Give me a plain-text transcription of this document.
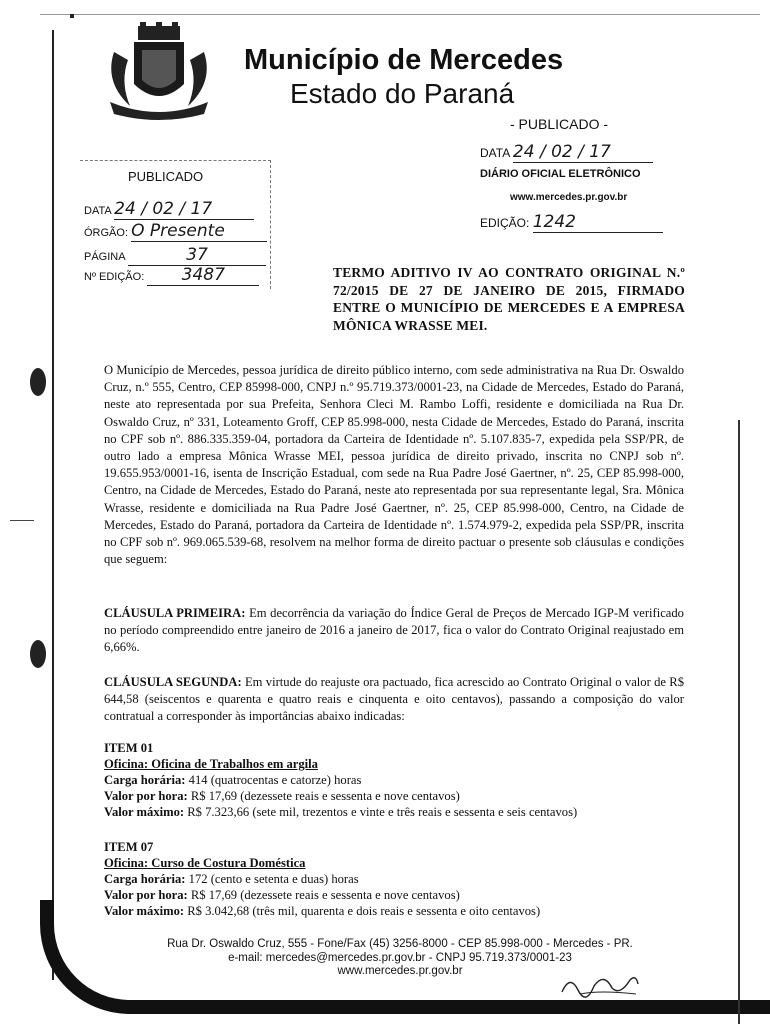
Município de Mercedes
Estado do Paraná
- PUBLICADO -
DATA 24 / 02 / 17
DIÁRIO OFICIAL ELETRÔNICO
www.mercedes.pr.gov.br
EDIÇÃO: 1242
PUBLICADO
DATA 24 / 02 / 17
ÓRGÃO: O Presente
PÁGINA	37
Nº EDIÇÃO: 3487	TERMO ADITIVO IV AO CONTRATO ORIGINAL N.º 72/2015 DE 27 DE JANEIRO DE 2015, FIRMADO ENTRE O MUNICÍPIO DE MERCEDES E A EMPRESA MÔNICA WRASSE MEI.
O Município de Mercedes, pessoa jurídica de direito público interno, com sede administrativa na Rua Dr. Oswaldo Cruz, n.º 555, Centro, CEP 85998-000, CNPJ n.º 95.719.373/0001-23, na Cidade de Mercedes, Estado do Paraná, neste ato representada por sua Prefeita, Senhora Cleci M. Rambo Loffi, residente e domiciliada na Rua Dr. Oswaldo Cruz, nº 331, Loteamento Groff, CEP 85.998-000, nesta Cidade de Mercedes, Estado do Paraná, inscrita no CPF sob nº. 886.335.359-04, portadora da Carteira de Identidade nº. 5.107.835-7, expedida pela SSP/PR, de outro lado a empresa Mônica Wrasse MEI, pessoa jurídica de direito privado, inscrita no CNPJ sob nº. 19.655.953/0001-16, isenta de Inscrição Estadual, com sede na Rua Padre José Gaertner, nº. 25, CEP 85.998-000, Centro, na Cidade de Mercedes, Estado do Paraná, neste ato representada por sua representante legal, Sra. Mônica Wrasse, residente e domiciliada na Rua Padre José Gaertner, nº. 25, CEP 85.998-000, Centro, na Cidade de Mercedes, Estado do Paraná, portadora da Carteira de Identidade nº. 1.574.979-2, expedida pela SSP/PR, inscrita no CPF sob nº. 969.065.539-68, resolvem na melhor forma de direito pactuar o presente sob cláusulas e condições que seguem:
CLÁUSULA PRIMEIRA: Em decorrência da variação do Índice Geral de Preços de Mercado IGP-M verificado no período compreendido entre janeiro de 2016 a janeiro de 2017, fica o valor do Contrato Original reajustado em 6,66%.
CLÁUSULA SEGUNDA: Em virtude do reajuste ora pactuado, fica acrescido ao Contrato Original o valor de R$ 644,58 (seiscentos e quarenta e quatro reais e cinquenta e oito centavos), passando a composição do valor contratual a corresponder às importâncias abaixo indicadas:
ITEM 01
Oficina: Oficina de Trabalhos em argila
Carga horária: 414 (quatrocentas e catorze) horas
Valor por hora: R$ 17,69 (dezessete reais e sessenta e nove centavos)
Valor máximo: R$ 7.323,66 (sete mil, trezentos e vinte e três reais e sessenta e seis centavos)
ITEM 07
Oficina: Curso de Costura Doméstica
Carga horária: 172 (cento e setenta e duas) horas
Valor por hora: R$ 17,69 (dezessete reais e sessenta e nove centavos)
Valor máximo: R$ 3.042,68 (três mil, quarenta e dois reais e sessenta e oito centavos)
Rua Dr. Oswaldo Cruz, 555 - Fone/Fax (45) 3256-8000 - CEP 85.998-000 - Mercedes - PR.
e-mail: mercedes@mercedes.pr.gov.br - CNPJ 95.719.373/0001-23
www.mercedes.pr.gov.br
